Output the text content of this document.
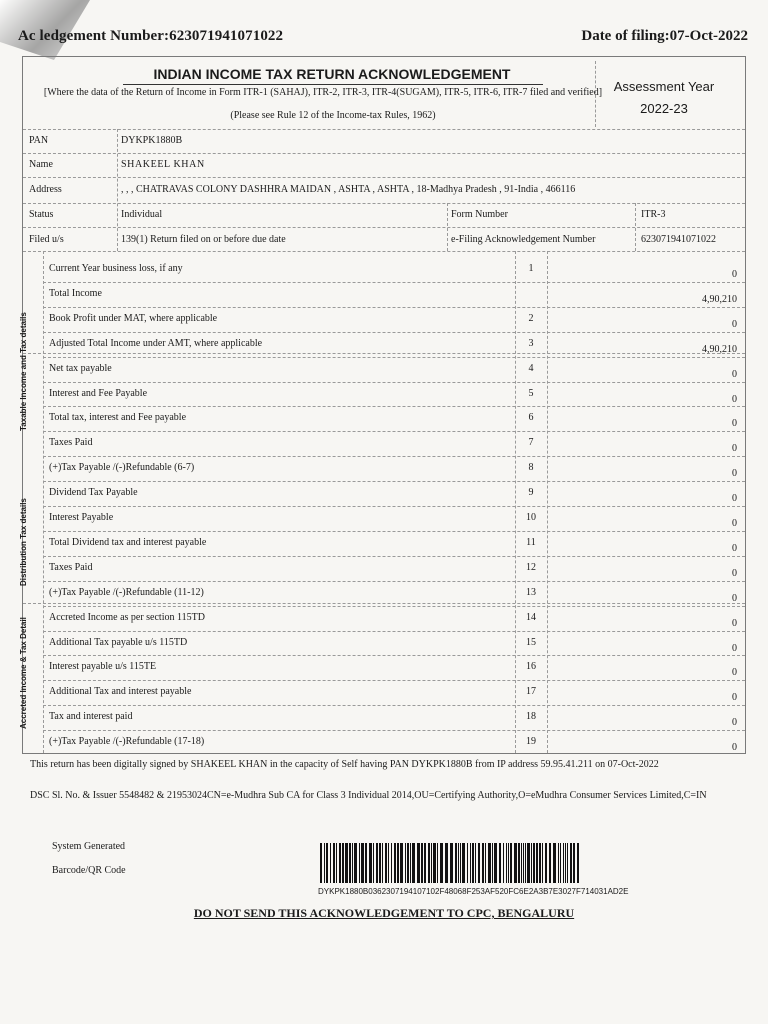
Ac ledgement Number:623071941071022	Date of filing:07-Oct-2022
INDIAN INCOME TAX RETURN ACKNOWLEDGEMENT
[Where the data of the Return of Income in Form ITR-1 (SAHAJ), ITR-2, ITR-3, ITR-4(SUGAM), ITR-5, ITR-6, ITR-7 filed and verified]
(Please see Rule 12 of the Income-tax Rules, 1962)
Assessment Year
2022-23
PAN	DYKPK1880B
Name	SHAKEEL KHAN
Address	, , , CHATRAVAS COLONY DASHHRA MAIDAN , ASHTA , ASHTA , 18-Madhya Pradesh , 91-India , 466116
Status	Individual	Form Number	ITR-3
Filed u/s	139(1) Return filed on or before due date	e-Filing Acknowledgement Number	623071941071022
Taxable Income and Tax details
Distribution Tax details
Accreted Income & Tax Detail
Current Year business loss, if any	1
0
Total Income
4,90,210
Book Profit under MAT, where applicable	2
0
Adjusted Total Income under AMT, where applicable	3
4,90,210
Net tax payable	4
0
Interest and Fee Payable	5
0
Total tax, interest and Fee payable	6
0
Taxes Paid	7
0
(+)Tax Payable /(-)Refundable (6-7)	8
0
Dividend Tax Payable	9
0
Interest Payable	10
0
Total Dividend tax and interest payable	11
0
Taxes Paid	12
0
(+)Tax Payable /(-)Refundable (11-12)	13
0
Accreted Income as per section 115TD	14
0
Additional Tax payable u/s 115TD	15
0
Interest payable u/s 115TE	16
0
Additional Tax and interest payable	17
0
Tax and interest paid	18
0
(+)Tax Payable /(-)Refundable (17-18)	19
0
This return has been digitally signed by SHAKEEL KHAN in the capacity of Self having PAN DYKPK1880B from IP address 59.95.41.211 on 07-Oct-2022
DSC Sl. No. & Issuer 5548482 & 21953024CN=e-Mudhra Sub CA for Class 3 Individual 2014,OU=Certifying Authority,O=eMudhra Consumer Services Limited,C=IN
System Generated
Barcode/QR Code
DYKPK1880B0362307194107102F48068F253AF520FC6E2A3B7E3027F714031AD2E
DO NOT SEND THIS ACKNOWLEDGEMENT TO CPC, BENGALURU
